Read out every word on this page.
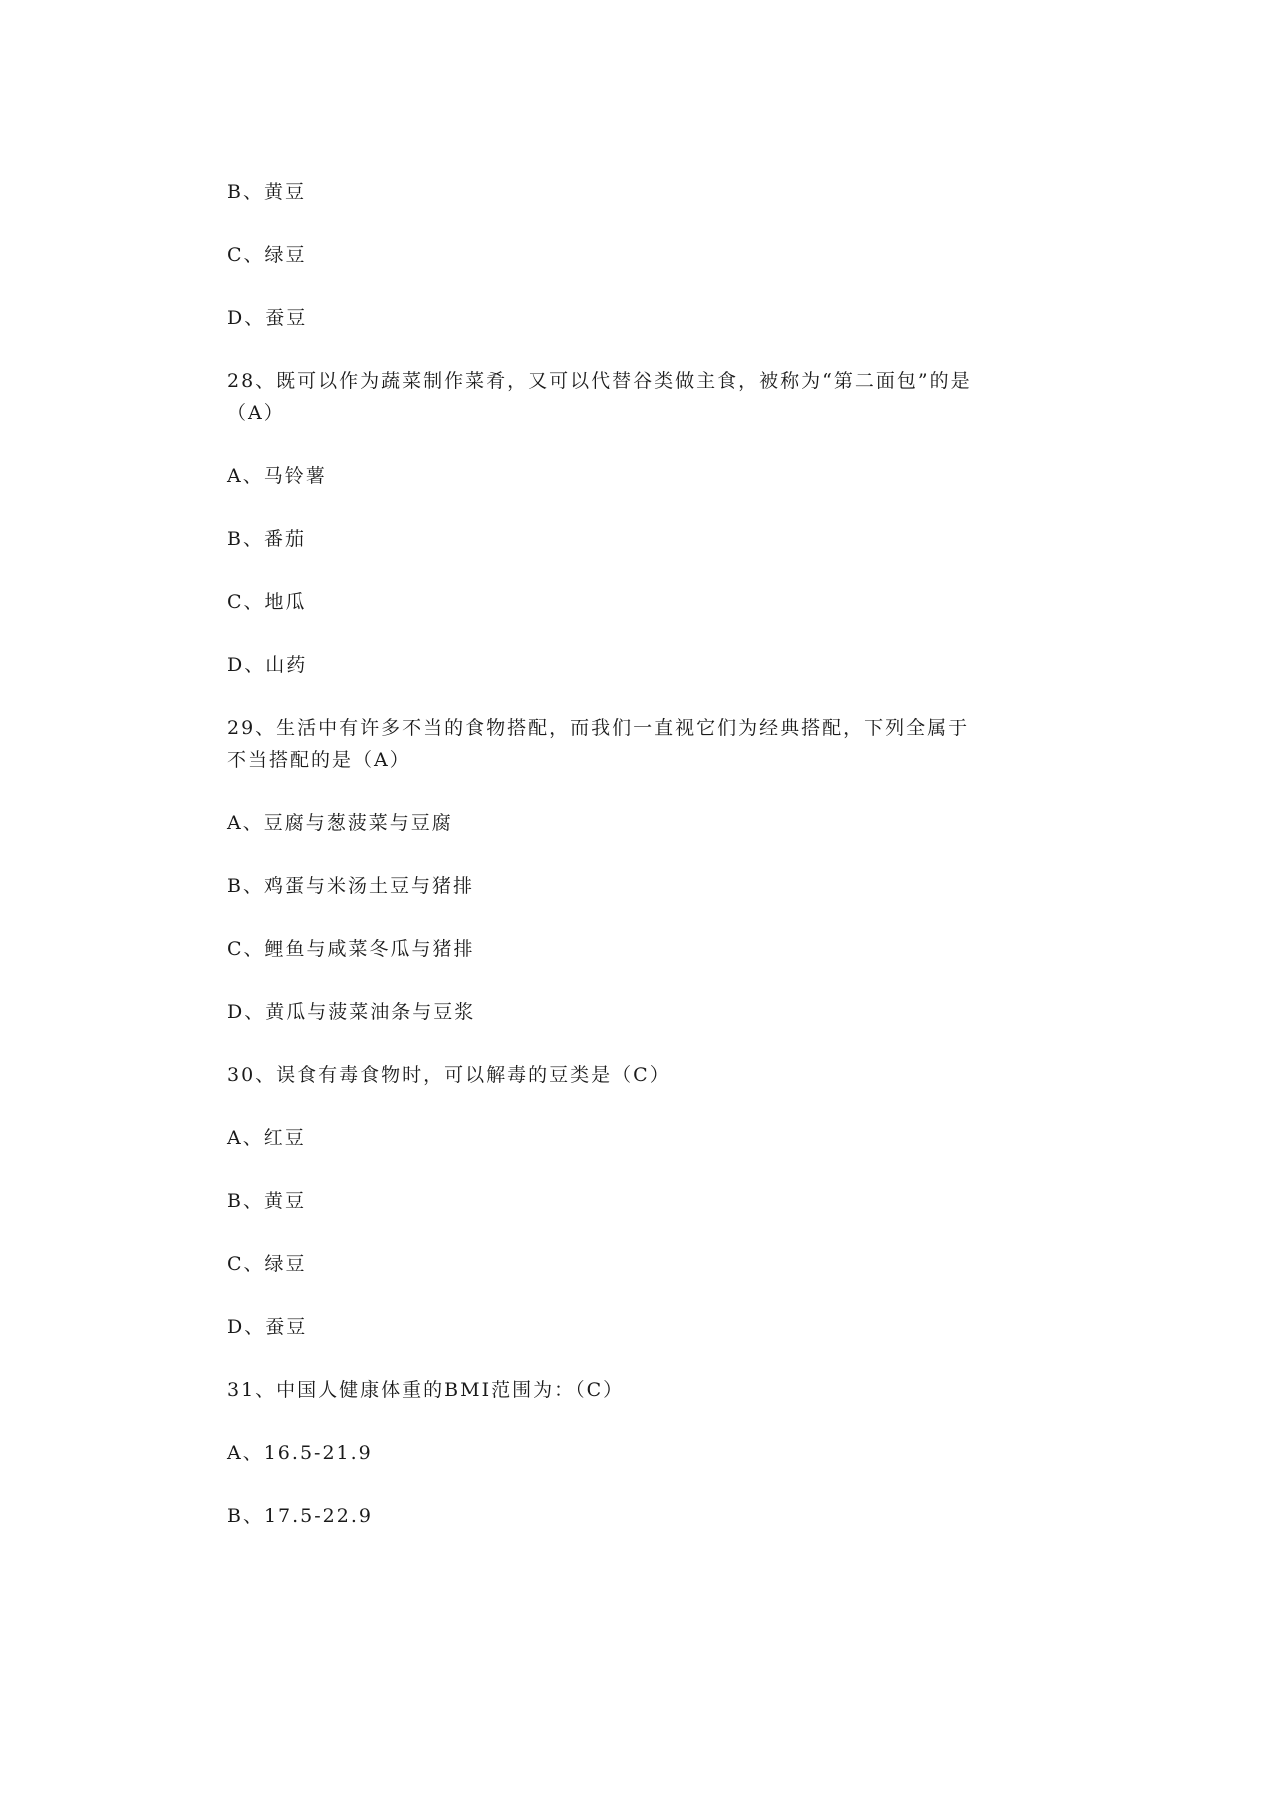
B、黄豆
C、绿豆
D、蚕豆
28、既可以作为蔬菜制作菜肴，又可以代替谷类做主食，被称为“第二面包”的是
（A）
A、马铃薯
B、番茄
C、地瓜
D、山药
29、生活中有许多不当的食物搭配，而我们一直视它们为经典搭配，下列全属于
不当搭配的是（A）
A、豆腐与葱菠菜与豆腐
B、鸡蛋与米汤土豆与猪排
C、鲤鱼与咸菜冬瓜与猪排
D、黄瓜与菠菜油条与豆浆
30、误食有毒食物时，可以解毒的豆类是（C）
A、红豆
B、黄豆
C、绿豆
D、蚕豆
31、中国人健康体重的BMI范围为：（C）
A、16.5-21.9
B、17.5-22.9
